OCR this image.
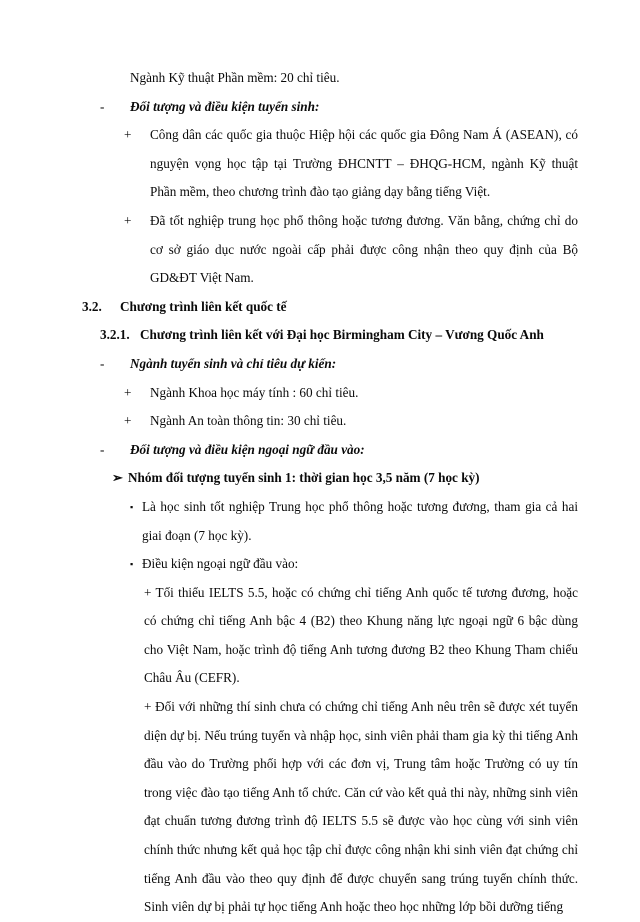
Ngành Kỹ thuật Phần mềm: 20 chỉ tiêu.
-	Đối tượng và điều kiện tuyển sinh:
+	Công dân các quốc gia thuộc Hiệp hội các quốc gia Đông Nam Á (ASEAN), có nguyện vọng học tập tại Trường ĐHCNTT – ĐHQG-HCM, ngành Kỹ thuật Phần mềm, theo chương trình đào tạo giảng dạy bằng tiếng Việt.
+	Đã tốt nghiệp trung học phổ thông hoặc tương đương. Văn bằng, chứng chỉ do cơ sở giáo dục nước ngoài cấp phải được công nhận theo quy định của Bộ GD&ĐT Việt Nam.
3.2.	Chương trình liên kết quốc tế
3.2.1. Chương trình liên kết với Đại học Birmingham City – Vương Quốc Anh
-	Ngành tuyển sinh và chỉ tiêu dự kiến:
+	Ngành Khoa học máy tính : 60 chỉ tiêu.
+	Ngành An toàn thông tin: 30 chỉ tiêu.
-	Đối tượng và điều kiện ngoại ngữ đầu vào:
➢ Nhóm đối tượng tuyển sinh 1: thời gian học 3,5 năm (7 học kỳ)
▪ Là học sinh tốt nghiệp Trung học phổ thông hoặc tương đương, tham gia cả hai giai đoạn (7 học kỳ).
▪ Điều kiện ngoại ngữ đầu vào:
+ Tối thiểu IELTS 5.5, hoặc có chứng chỉ tiếng Anh quốc tế tương đương, hoặc có chứng chỉ tiếng Anh bậc 4 (B2) theo Khung năng lực ngoại ngữ 6 bậc dùng cho Việt Nam, hoặc trình độ tiếng Anh tương đương B2 theo Khung Tham chiếu Châu Âu (CEFR).
+ Đối với những thí sinh chưa có chứng chỉ tiếng Anh nêu trên sẽ được xét tuyển diện dự bị. Nếu trúng tuyển và nhập học, sinh viên phải tham gia kỳ thi tiếng Anh đầu vào do Trường phối hợp với các đơn vị, Trung tâm hoặc Trường có uy tín trong việc đào tạo tiếng Anh tổ chức. Căn cứ vào kết quả thi này, những sinh viên đạt chuẩn tương đương trình độ IELTS 5.5 sẽ được vào học cùng với sinh viên chính thức nhưng kết quả học tập chỉ được công nhận khi sinh viên đạt chứng chỉ tiếng Anh đầu vào theo quy định để được chuyển sang trúng tuyển chính thức. Sinh viên dự bị phải tự học tiếng Anh hoặc theo học những lớp bồi dưỡng tiếng
